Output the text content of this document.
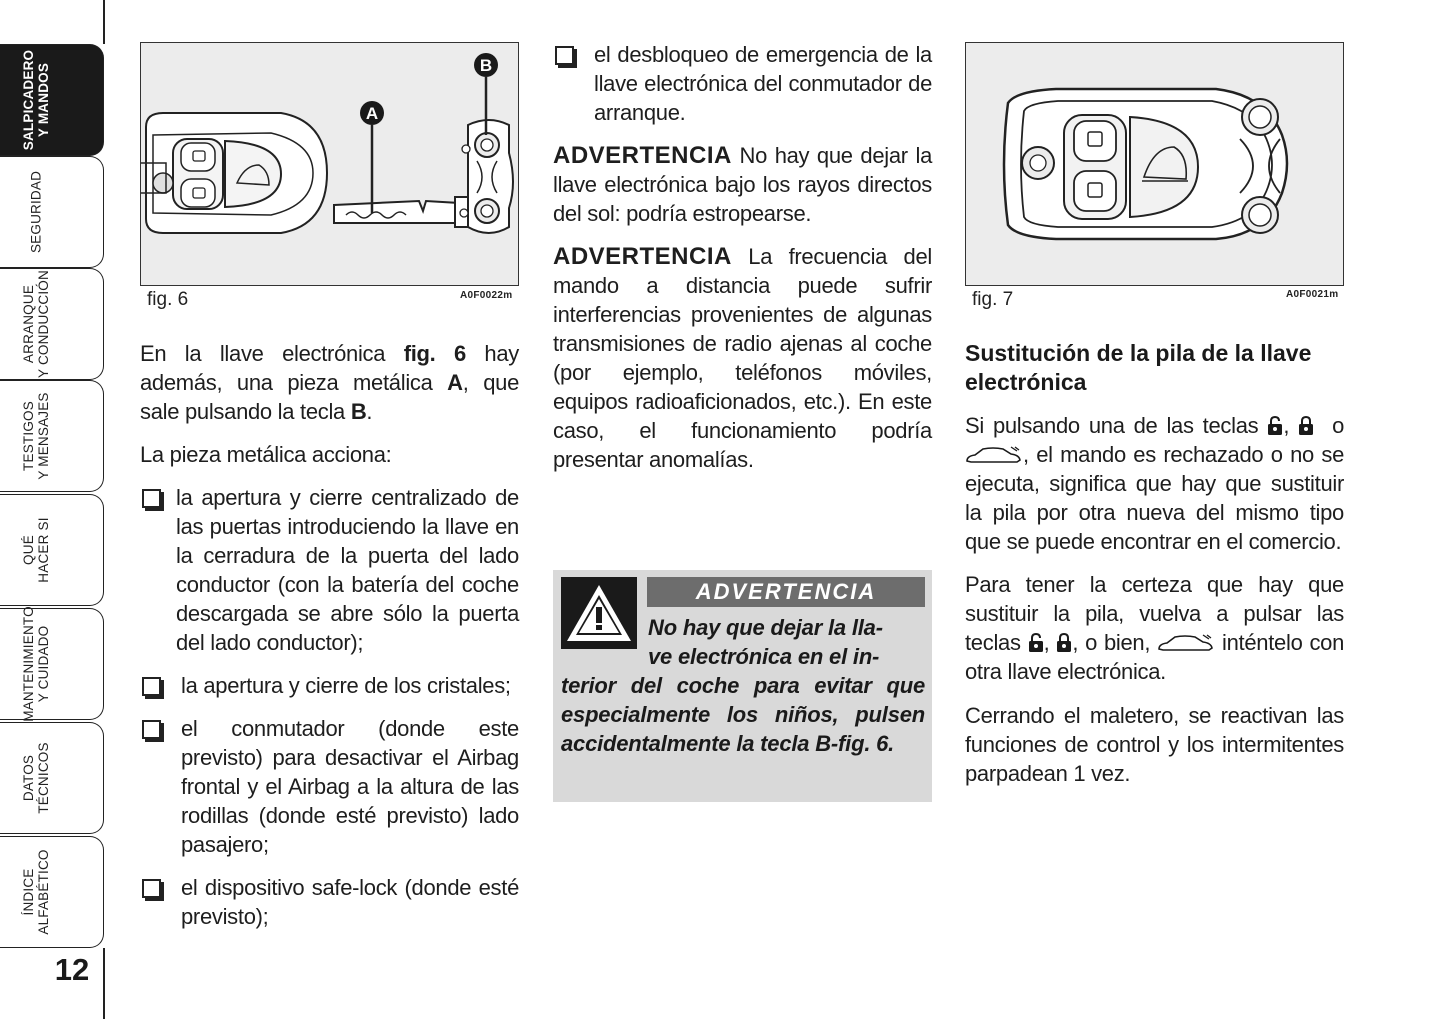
SALPICADERO Y MANDOS
SEGURIDAD
ARRANQUE Y CONDUCCIÓN
TESTIGOS Y MENSAJES
QUÉ HACER SI
MANTENIMIENTO Y CUIDADO
DATOS TÉCNICOS
ÍNDICE ALFABÉTICO
12
A
B
fig. 6	A0F0022m
En la llave electrónica fig. 6 hay además, una pieza metálica A, que sale pulsando la tecla B.
La pieza metálica acciona:
la apertura y cierre centralizado de las puertas introduciendo la llave en la cerradura de la puerta del lado conductor (con la batería del coche descargada se abre sólo la puerta del lado conductor);
la apertura y cierre de los cristales;
el conmutador (donde este previsto) para desactivar el Airbag frontal y el Airbag a la altura de las rodillas (donde esté previsto) lado pasajero;
el dispositivo safe-lock (donde esté previsto);
el desbloqueo de emergencia de la llave electrónica del conmutador de arranque.
ADVERTENCIA No hay que dejar la llave electrónica bajo los rayos directos del sol: podría estropearse.
ADVERTENCIA La frecuencia del mando a distancia puede sufrir interferencias provenientes de algunas transmisiones de radio ajenas al coche (por ejemplo, teléfonos móviles, equipos radioaficionados, etc.). En este caso, el funcionamiento podría presentar anomalías.
ADVERTENCIA
No hay que dejar la lla-
ve electrónica en el in-
terior del coche para evitar que especialmente los niños, pulsen accidentalmente la tecla B-fig. 6.
fig. 7	A0F0021m
Sustitución de la pila de la llave electrónica
Si pulsando una de las teclas ,   o , el mando es rechazado o no se ejecuta, significa que hay que sustituir la pila por otra nueva del mismo tipo que se puede encontrar en el comercio.
Para tener la certeza que hay que sustituir la pila, vuelva a pulsar las teclas , , o bien,	inténtelo con otra llave electrónica.
Cerrando el maletero, se reactivan las funciones de control y los intermitentes parpadean 1 vez.
